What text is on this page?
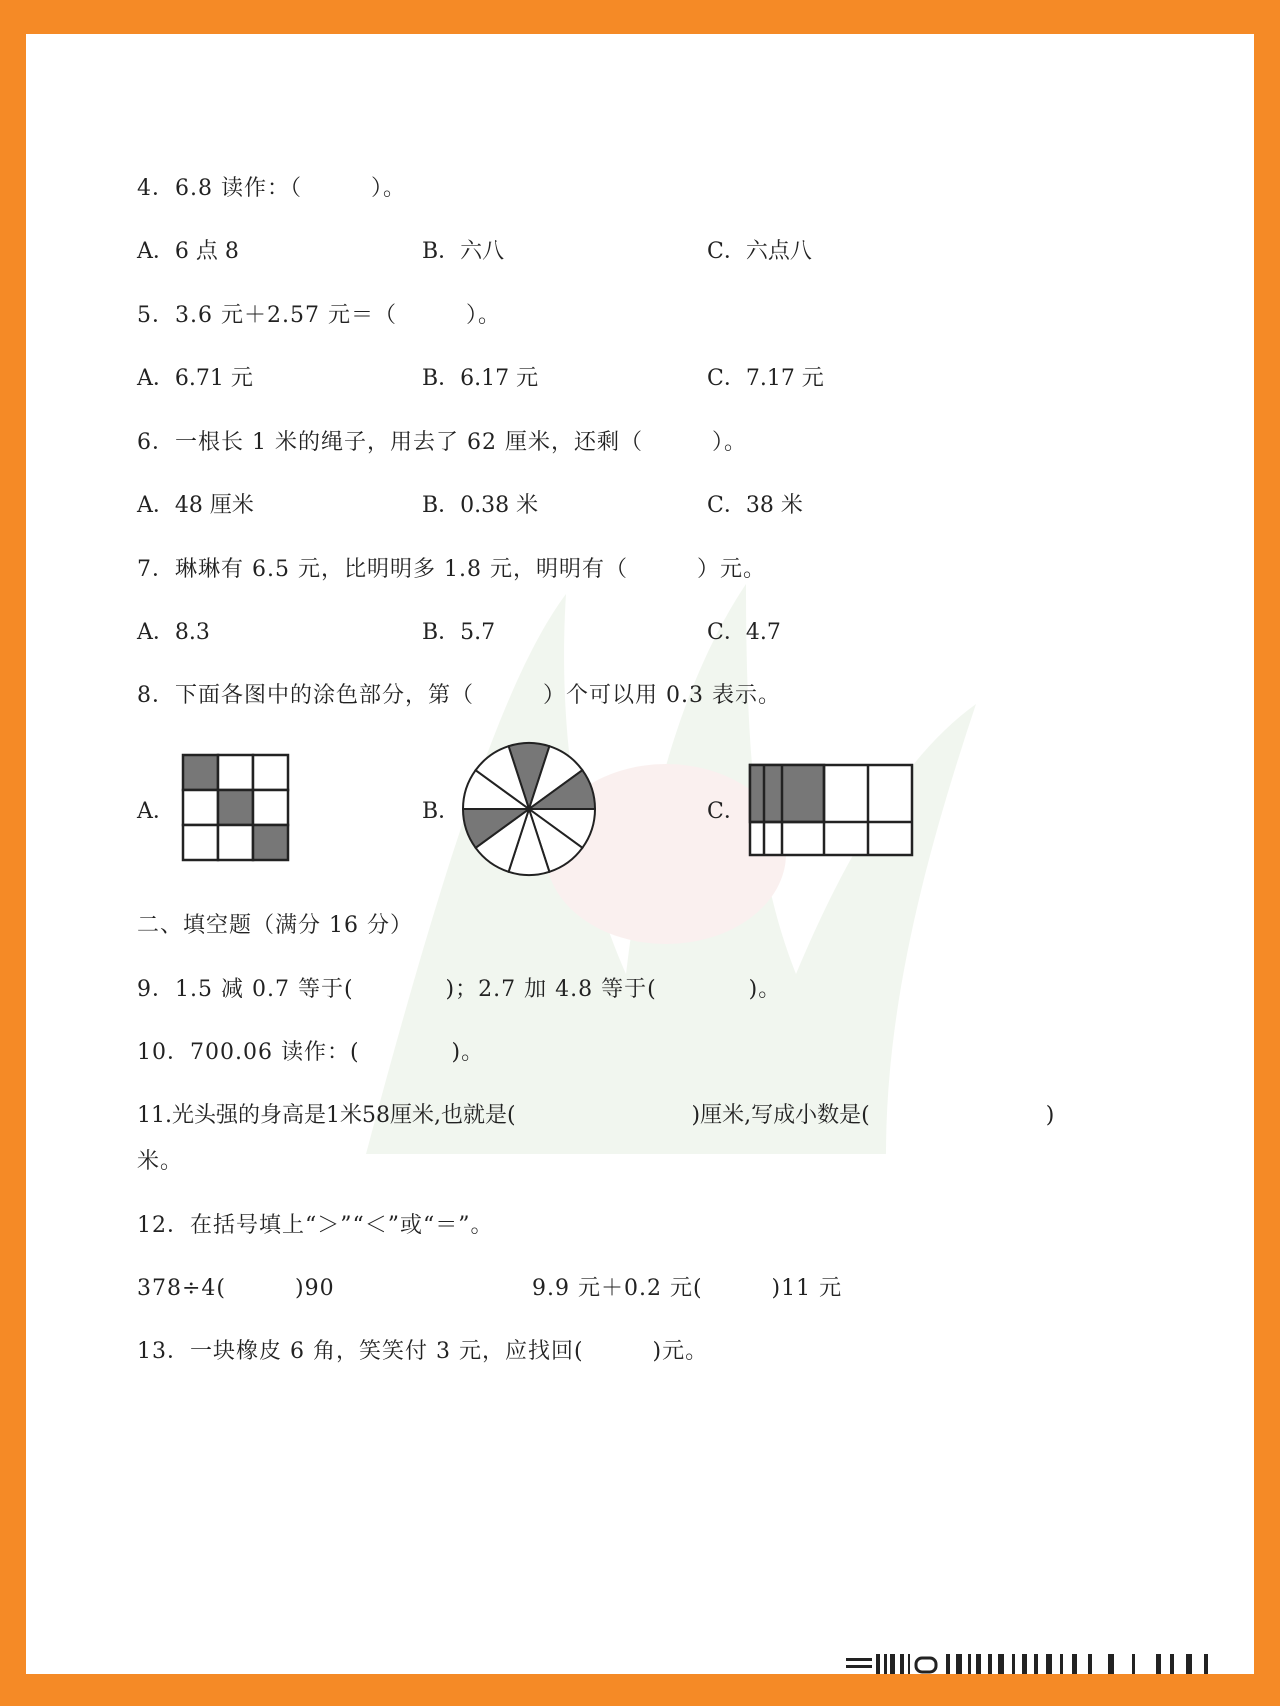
4．6.8 读作：（　　　）。
A．6 点 8	B．六八	C．六点八
5．3.6 元＋2.57 元＝（　　　）。
A．6.71 元	B．6.17 元	C．7.17 元
6．一根长 1 米的绳子，用去了 62 厘米，还剩（　　　）。
A．48 厘米	B．0.38 米	C．38 米
7．琳琳有 6.5 元，比明明多 1.8 元，明明有（　　　）元。
A．8.3	B．5.7	C．4.7
8．下面各图中的涂色部分，第（　　　）个可以用 0.3 表示。
A．	B．	C．
二、填空题（满分 16 分）
9．1.5 减 0.7 等于(　　　　)；2.7 加 4.8 等于(　　　　)。
10．700.06 读作：(　　　　)。
11.光头强的身高是1米58厘米,也就是(　　　　　　　　)厘米,写成小数是(　　　　　　　　)
米。
12．在括号填上“＞”“＜”或“＝”。
378÷4(　　　)90	9.9 元＋0.2 元(　　　)11 元
13．一块橡皮 6 角，笑笑付 3 元，应找回(　　　)元。
